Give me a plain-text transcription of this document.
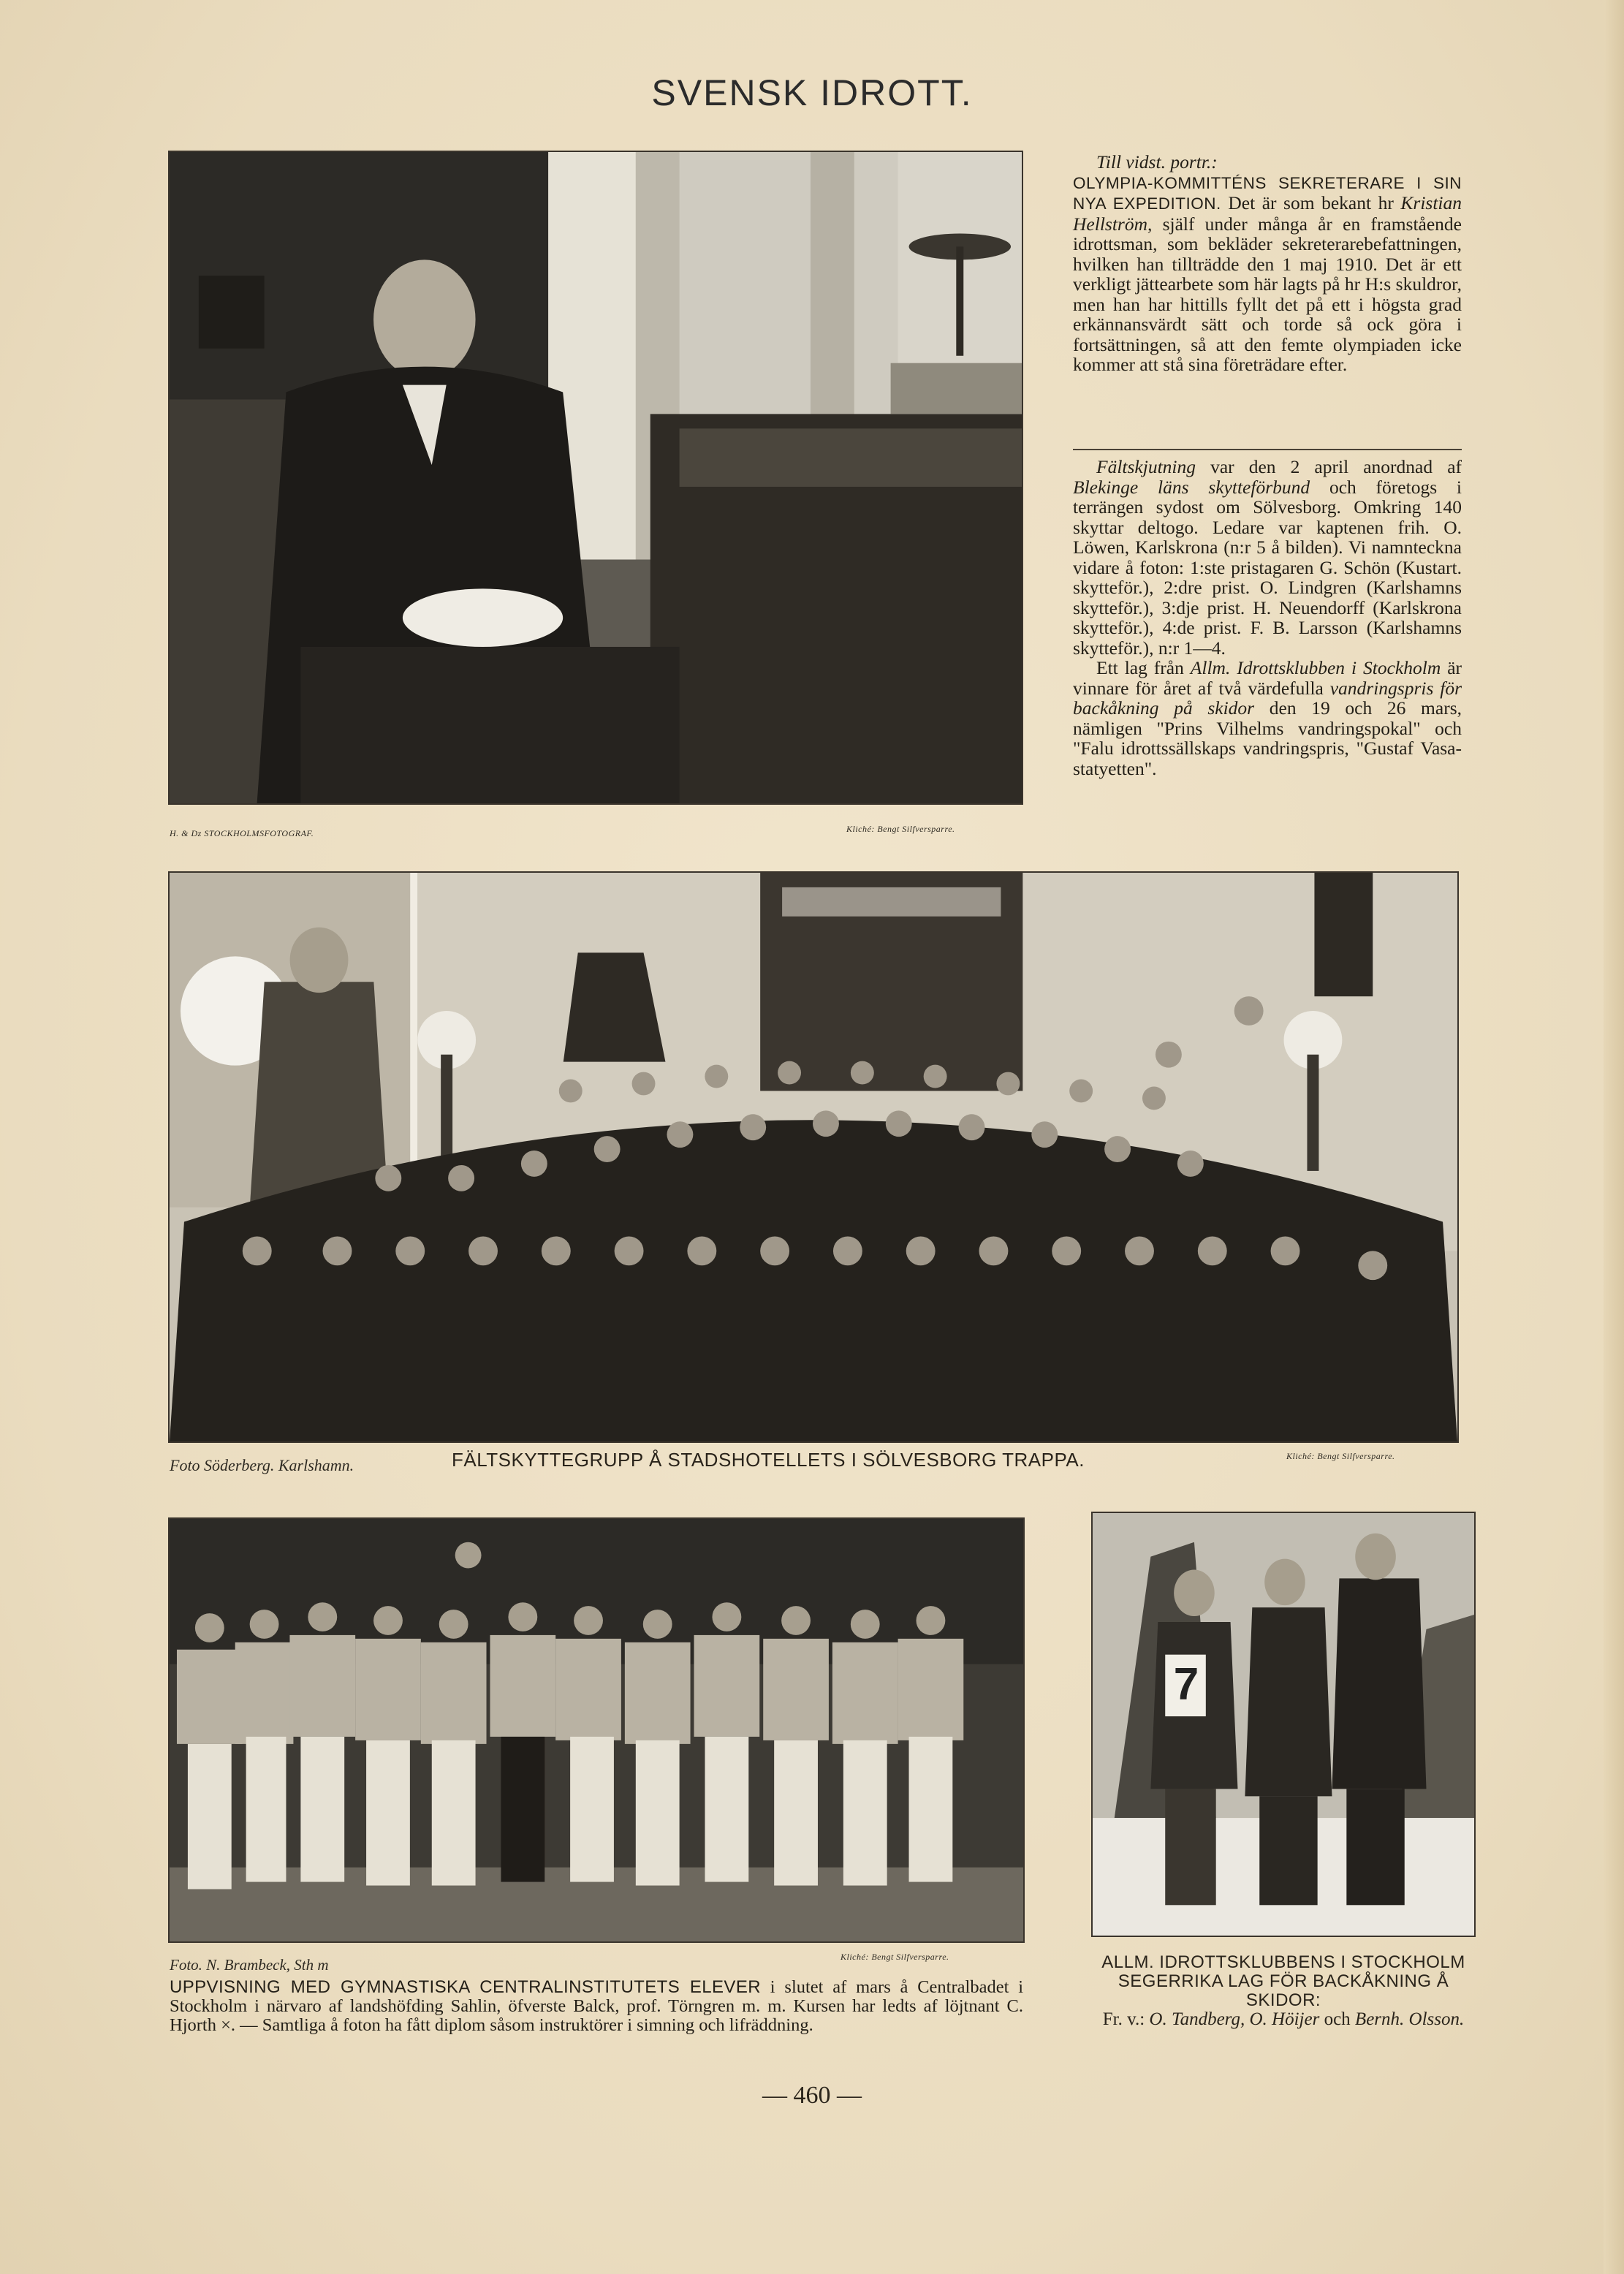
SVENSK IDROTT.
H. & Dz STOCKHOLMSFOTOGRAF.	Kliché: Bengt Silfversparre.

Till vidst. portr.:

OLYMPIA-KOMMITTÉNS SEKRETERARE I SIN NYA EXPEDITION. Det är som bekant hr Kristian Hellström, själf under många år en framstående idrottsman, som bekläder sekreterarebefattningen, hvilken han tillträdde den 1 maj 1910. Det är ett verkligt jättearbete som här lagts på hr H:s skuldror, men han har hittills fyllt det på ett i högsta grad erkännansvärdt sätt och torde så ock göra i fortsättningen, så att den femte olympiaden icke kommer att stå sina företrädare efter.

Fältskjutning var den 2 april anordnad af Blekinge läns skytteförbund och företogs i terrängen sydost om Sölvesborg. Omkring 140 skyttar deltogo. Ledare var kaptenen frih. O. Löwen, Karlskrona (n:r 5 å bilden). Vi namnteckna vidare å foton: 1:ste pristagaren G. Schön (Kustart. skytteför.), 2:dre prist. O. Lindgren (Karlshamns skytteför.), 3:dje prist. H. Neuendorff (Karlskrona skytteför.), 4:de prist. F. B. Larsson (Karlshamns skytteför.), n:r 1—4.

Ett lag från Allm. Idrottsklubben i Stockholm är vinnare för året af två värdefulla vandringspris för backåkning på skidor den 19 och 26 mars, nämligen "Prins Vilhelms vandringspokal" och "Falu idrottssällskaps vandringspris, "Gustaf Vasa-statyetten".

Foto Söderberg. Karlshamn.	FÄLTSKYTTEGRUPP Å STADSHOTELLETS I SÖLVESBORG TRAPPA.	Kliché: Bengt Silfversparre.
Foto. N. Brambeck, Sth m	Kliché: Bengt Silfversparre.
UPPVISNING MED GYMNASTISKA CENTRALINSTITUTETS ELEVER i slutet af mars å Centralbadet i Stockholm i närvaro af landshöfding Sahlin, öfverste Balck, prof. Törngren m. m. Kursen har ledts af löjtnant C. Hjorth ×. — Samtliga å foton ha fått diplom såsom instruktörer i simning och lifräddning.
7
ALLM. IDROTTSKLUBBENS I STOCKHOLM SEGERRIKA LAG FÖR BACKÅKNING Å SKIDOR:
Fr. v.: O. Tandberg, O. Höijer och Bernh. Olsson.
— 460 —
